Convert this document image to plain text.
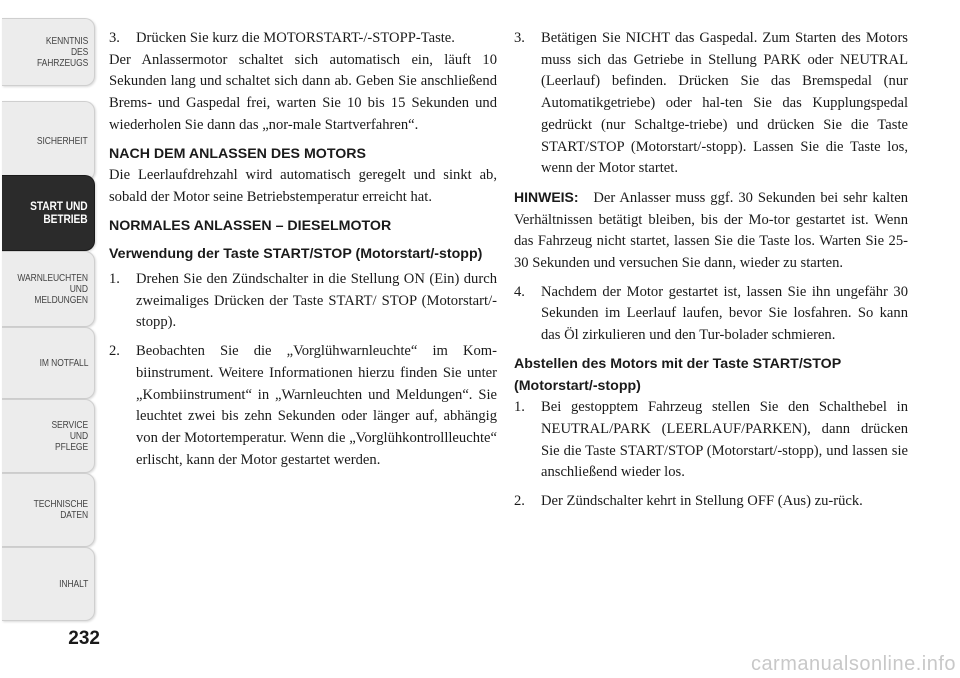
KENNTNIS
DES
FAHRZEUGS
SICHERHEIT
START UND
BETRIEB
WARNLEUCHTEN
UND
MELDUNGEN
IM NOTFALL
SERVICE
UND
PFLEGE
TECHNISCHE
DATEN
INHALT
232
3.	Drücken Sie kurz die MOTORSTART-/-STOPP-Taste.

Der Anlassermotor schaltet sich automatisch ein, läuft 10 Sekunden lang und schaltet sich dann ab. Geben Sie anschließend Brems- und Gaspedal frei, warten Sie 10 bis 15 Sekunden und wiederholen Sie dann das „nor-male Startverfahren“.

NACH DEM ANLASSEN DES MOTORS

Die Leerlaufdrehzahl wird automatisch geregelt und sinkt ab, sobald der Motor seine Betriebstemperatur erreicht hat.

NORMALES ANLASSEN – DIESELMOTOR
Verwendung der Taste START/STOP (Motorstart/-stopp)
1.	Drehen Sie den Zündschalter in die Stellung ON (Ein) durch zweimaliges Drücken der Taste START/ STOP (Motorstart/-stopp).
2.	Beobachten Sie die „Vorglühwarnleuchte“ im Kom-biinstrument. Weitere Informationen hierzu finden Sie unter „Kombiinstrument“ in „Warnleuchten und Meldungen“. Sie leuchtet zwei bis zehn Sekunden oder länger auf, abhängig von der Motortemperatur. Wenn die „Vorglühkontrollleuchte“ erlischt, kann der Motor gestartet werden.
3.	Betätigen Sie NICHT das Gaspedal. Zum Starten des Motors muss sich das Getriebe in Stellung PARK oder NEUTRAL (Leerlauf) befinden. Drücken Sie das Bremspedal (nur Automatikgetriebe) oder hal-ten Sie das Kupplungspedal gedrückt (nur Schaltge-triebe) und drücken Sie die Taste START/STOP (Motorstart/-stopp). Lassen Sie die Taste los, wenn der Motor startet.

HINWEIS: Der Anlasser muss ggf. 30 Sekunden bei sehr kalten Verhältnissen betätigt bleiben, bis der Mo-tor gestartet ist. Wenn das Fahrzeug nicht startet, lassen Sie die Taste los. Warten Sie 25-30 Sekunden und versuchen Sie dann, wieder zu starten.

4.	Nachdem der Motor gestartet ist, lassen Sie ihn ungefähr 30 Sekunden im Leerlauf laufen, bevor Sie losfahren. So kann das Öl zirkulieren und den Tur-bolader schmieren.
Abstellen des Motors mit der Taste START/STOP (Motorstart/-stopp)
1.	Bei gestopptem Fahrzeug stellen Sie den Schalthebel in NEUTRAL/PARK (LEERLAUF/PARKEN), dann drücken Sie die Taste START/STOP (Motorstart/-stopp), und lassen sie anschließend wieder los.
2.	Der Zündschalter kehrt in Stellung OFF (Aus) zu-rück.
carmanualsonline.info
